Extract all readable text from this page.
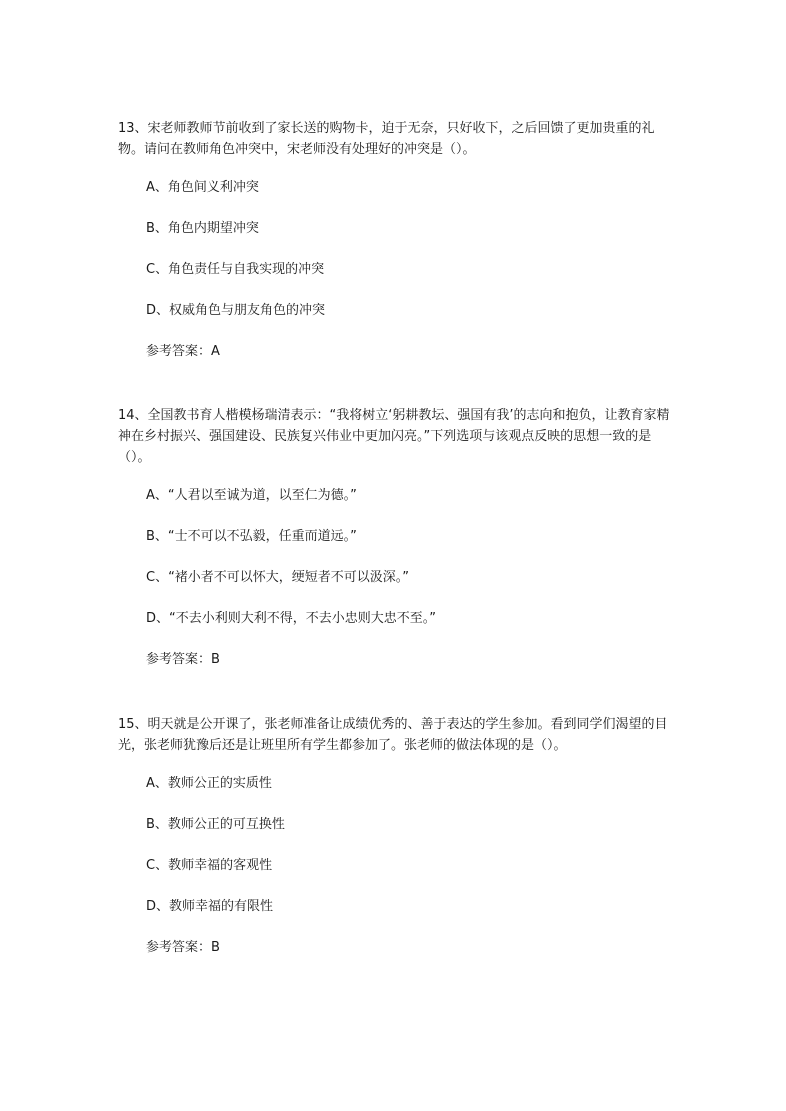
13、宋老师教师节前收到了家长送的购物卡，迫于无奈，只好收下，之后回馈了更加贵重的礼物。请问在教师角色冲突中，宋老师没有处理好的冲突是（）。

A、角色间义利冲突
B、角色内期望冲突
C、角色责任与自我实现的冲突
D、权威角色与朋友角色的冲突

参考答案：A

14、全国教书育人楷模杨瑞清表示：“我将树立‘躬耕教坛、强国有我’的志向和抱负，让教育家精神在乡村振兴、强国建设、民族复兴伟业中更加闪亮。”下列选项与该观点反映的思想一致的是（）。

A、“人君以至诚为道，以至仁为德。”
B、“士不可以不弘毅，任重而道远。”
C、“褚小者不可以怀大，绠短者不可以汲深。”
D、“不去小利则大利不得，不去小忠则大忠不至。”

参考答案：B

15、明天就是公开课了，张老师准备让成绩优秀的、善于表达的学生参加。看到同学们渴望的目光，张老师犹豫后还是让班里所有学生都参加了。张老师的做法体现的是（）。

A、教师公正的实质性
B、教师公正的可互换性
C、教师幸福的客观性
D、教师幸福的有限性

参考答案：B
